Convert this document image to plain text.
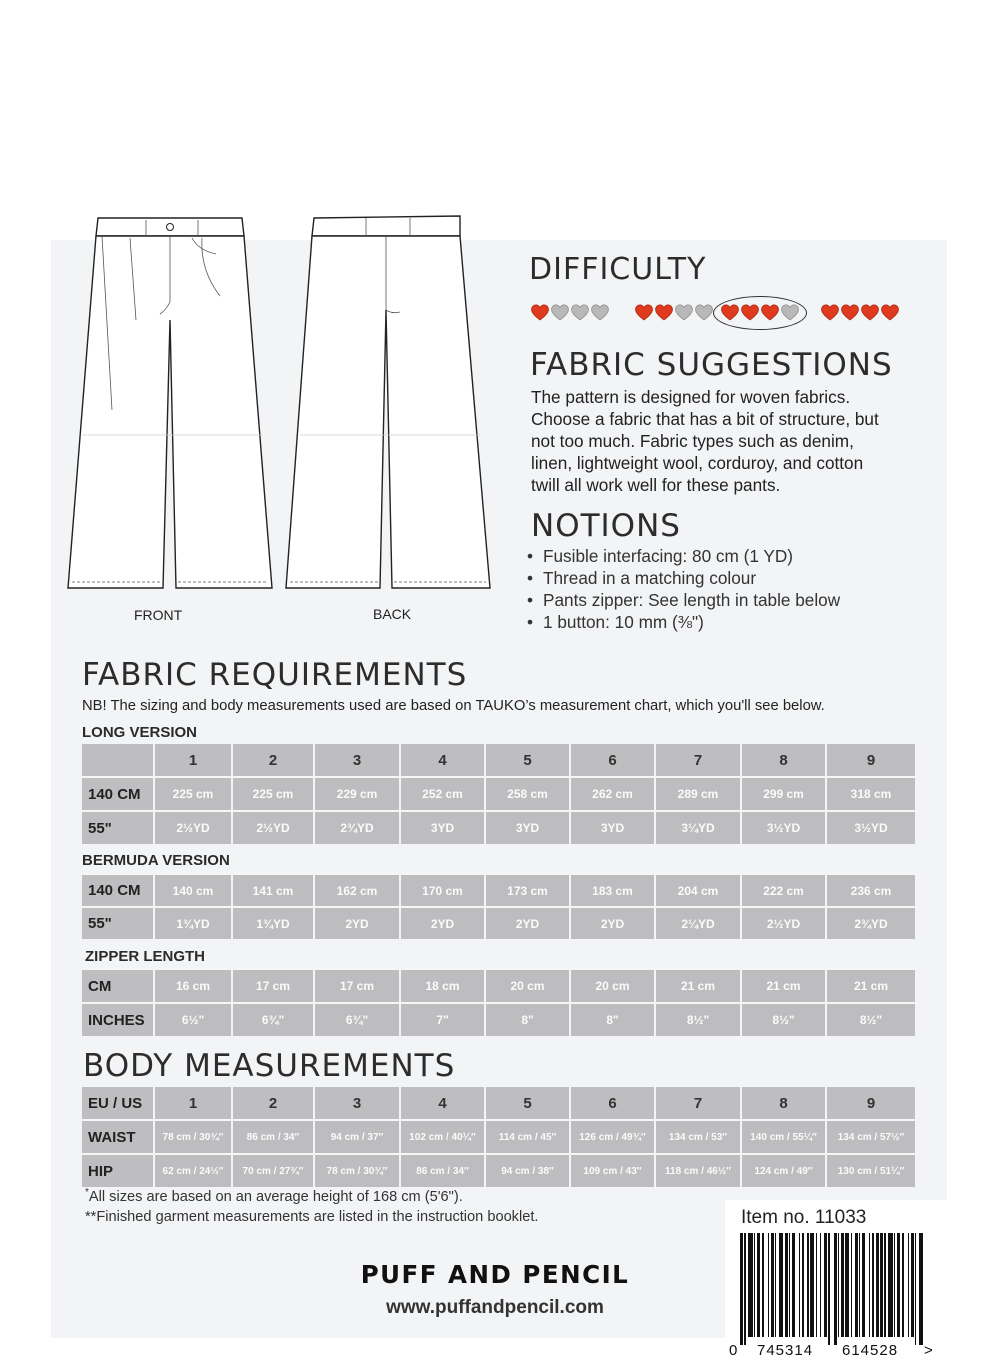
FRONT	BACK
DIFFICULTY
FABRIC SUGGESTIONS
The pattern is designed for woven fabrics.
Choose a fabric that has a bit of structure, but
not too much. Fabric types such as denim,
linen, lightweight wool, corduroy, and cotton
twill all work well for these pants.
NOTIONS
• Fusible interfacing: 80 cm (1 YD)
• Thread in a matching colour
• Pants zipper: See length in table below
• 1 button: 10 mm (⅜")
FABRIC REQUIREMENTS
NB! The sizing and body measurements used are based on TAUKO’s measurement chart, which you'll see below.
LONG VERSION
1	2	3	4	5	6	7	8	9
140 CM	225 cm	225 cm	229 cm	252 cm	258 cm	262 cm	289 cm	299 cm	318 cm
55"	2½YD	2½YD	2¾YD	3YD	3YD	3YD	3¼YD	3½YD	3½YD
BERMUDA VERSION
140 CM	140 cm	141 cm	162 cm	170 cm	173 cm	183 cm	204 cm	222 cm	236 cm
55"	1¾YD	1¾YD	2YD	2YD	2YD	2YD	2¼YD	2½YD	2¾YD
ZIPPER LENGTH
CM	16 cm	17 cm	17 cm	18 cm	20 cm	20 cm	21 cm	21 cm	21 cm
INCHES	6½"	6¾"	6¾"	7"	8"	8"	8½"	8½"	8½"
BODY MEASUREMENTS
EU / US	1	2	3	4	5	6	7	8	9
WAIST	78 cm / 30¾″	86 cm / 34″	94 cm / 37″	102 cm / 40¼″	114 cm / 45″	126 cm / 49¾″	134 cm / 53″	140 cm / 55¼″	134 cm / 57½″
HIP	62 cm / 24½″	70 cm / 27¾″	78 cm / 30¾″	86 cm / 34″	94 cm / 38″	109 cm / 43″	118 cm / 46½″	124 cm / 49″	130 cm / 51¼″
*All sizes are based on an average height of 168 cm (5'6").
**Finished garment measurements are listed in the instruction booklet.
PUFF AND PENCIL
www.puffandpencil.com
Item no. 11033
0 745314 614528 >
